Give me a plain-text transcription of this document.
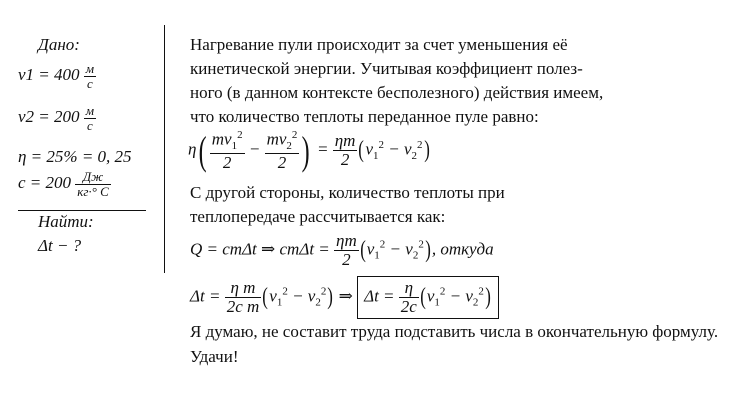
Дано:
$v1 = 400 \frac{м}{с}$
$v2 = 200 \frac{м}{с}$
η = 25% = 0, 25
$c = 200 \frac{Дж}{кг\cdot^\circ С}$
Найти:
Δt − ?
Нагревание пули происходит за счет уменьшения её
кинетической энергии. Учитывая коэффициент полез-
ного (в данном контексте бесполезного) действия имеем,
что количество теплоты переданное пуле равно:
$\eta( \frac{mv_1^2}{2} - \frac{mv_2^2}{2}$ ) = $\frac{\eta m}{2} (v_1^2 - v_2^2)$
С другой стороны, количество теплоты при
теплопередаче рассчитывается как:
Q = cmΔt ⇒ $cm\Delta t = \frac{\eta m}{2} (v_1^2 - v_2^2)$, откуда
$\Delta t = \frac{\text{η m}}{\text{2c m}} (v_1^2 - v_2^2)$ ⇒ $\Delta t = \frac{\eta}{2c} (v_1^2 - v_2^2)$
Я думаю, не составит труда подставить числа в окончательную формулу.
Удачи!
